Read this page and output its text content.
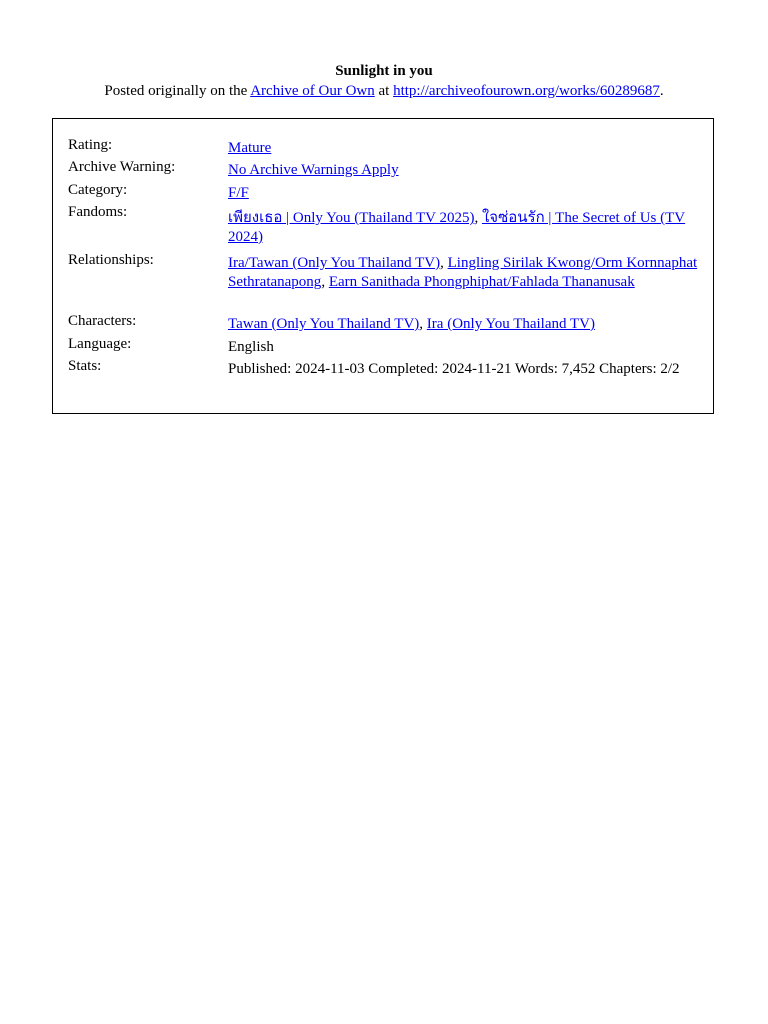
Sunlight in you
Posted originally on the Archive of Our Own at http://archiveofourown.org/works/60289687.
Rating:	Mature
Archive Warning:	No Archive Warnings Apply
Category:	F/F
Fandoms:	เพียงเธอ | Only You (Thailand TV 2025), ใจซ่อนรัก | The Secret of Us (TV 2024)
Relationships:	Ira/Tawan (Only You Thailand TV), Lingling Sirilak Kwong/Orm Kornnaphat Sethratanapong, Earn Sanithada Phongphiphat/Fahlada Thananusak
Characters:	Tawan (Only You Thailand TV), Ira (Only You Thailand TV)
Language:	English
Stats:	Published: 2024-11-03 Completed: 2024-11-21 Words: 7,452 Chapters: 2/2
